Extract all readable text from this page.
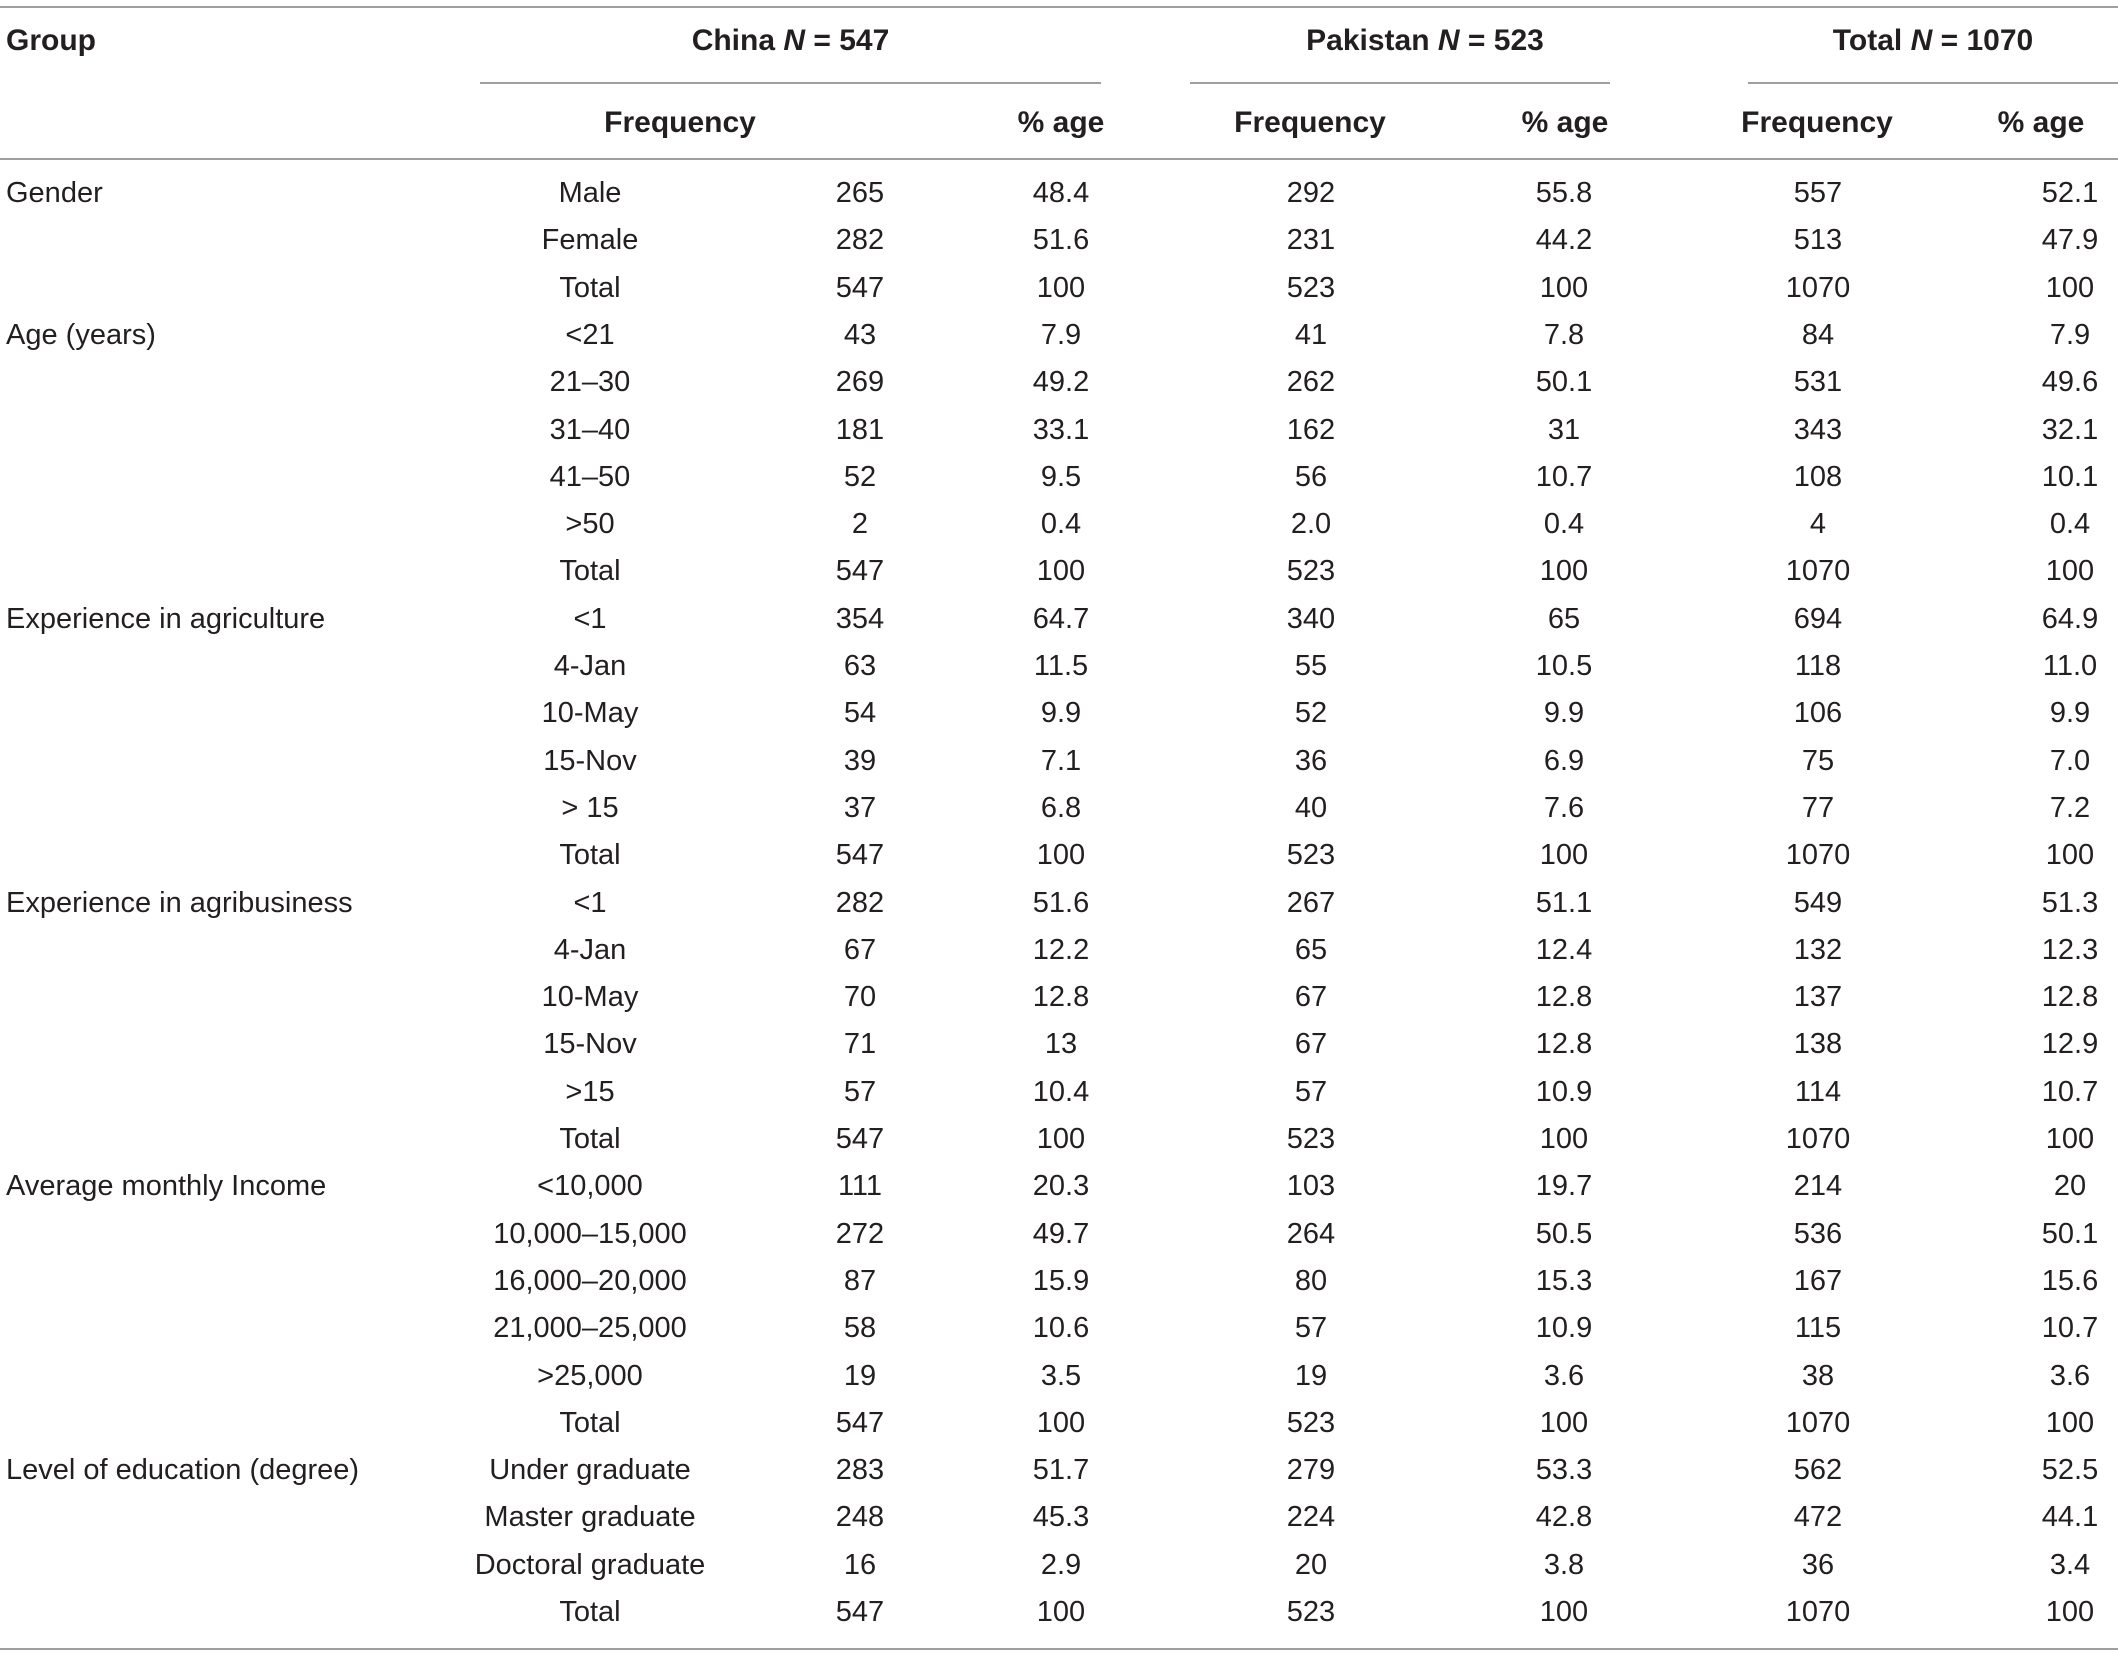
Group	China N = 547	Pakistan N = 523	Total N = 1070
Frequency	% age	Frequency	% age	Frequency	% age
Gender	Male	265	48.4	292	55.8	557	52.1
Female	282	51.6	231	44.2	513	47.9
Total	547	100	523	100	1070	100
Age (years)	<21	43	7.9	41	7.8	84	7.9
21–30	269	49.2	262	50.1	531	49.6
31–40	181	33.1	162	31	343	32.1
41–50	52	9.5	56	10.7	108	10.1
>50	2	0.4	2.0	0.4	4	0.4
Total	547	100	523	100	1070	100
Experience in agriculture	<1	354	64.7	340	65	694	64.9
4-Jan	63	11.5	55	10.5	118	11.0
10-May	54	9.9	52	9.9	106	9.9
15-Nov	39	7.1	36	6.9	75	7.0
> 15	37	6.8	40	7.6	77	7.2
Total	547	100	523	100	1070	100
Experience in agribusiness	<1	282	51.6	267	51.1	549	51.3
4-Jan	67	12.2	65	12.4	132	12.3
10-May	70	12.8	67	12.8	137	12.8
15-Nov	71	13	67	12.8	138	12.9
>15	57	10.4	57	10.9	114	10.7
Total	547	100	523	100	1070	100
Average monthly Income	<10,000	111	20.3	103	19.7	214	20
10,000–15,000	272	49.7	264	50.5	536	50.1
16,000–20,000	87	15.9	80	15.3	167	15.6
21,000–25,000	58	10.6	57	10.9	115	10.7
>25,000	19	3.5	19	3.6	38	3.6
Total	547	100	523	100	1070	100
Level of education (degree)	Under graduate	283	51.7	279	53.3	562	52.5
Master graduate	248	45.3	224	42.8	472	44.1
Doctoral graduate	16	2.9	20	3.8	36	3.4
Total	547	100	523	100	1070	100
